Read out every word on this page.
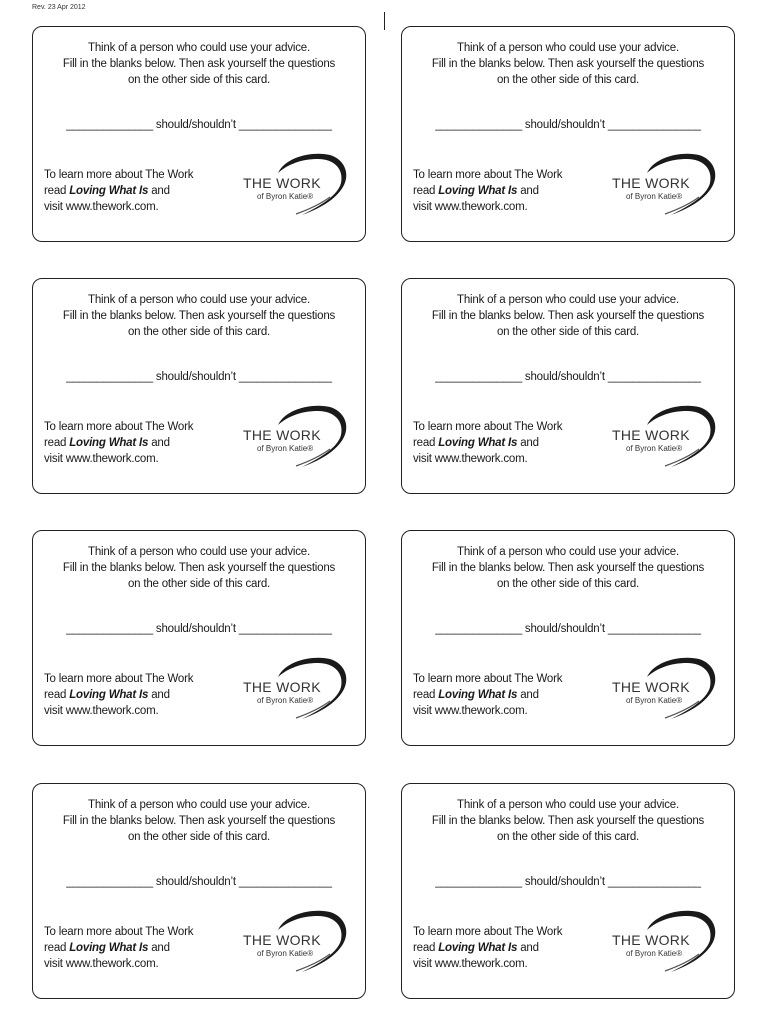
Rev. 23 Apr 2012
Think of a person who could use your advice.
Fill in the blanks below. Then ask yourself the questions
on the other side of this card.
______________ should/shouldn’t _______________
To learn more about The Work
read Loving What Is and
visit www.thework.com.
THE WORK
of Byron Katie®
Think of a person who could use your advice.
Fill in the blanks below. Then ask yourself the questions
on the other side of this card.
______________ should/shouldn’t _______________
To learn more about The Work
read Loving What Is and
visit www.thework.com.
THE WORK
of Byron Katie®
Think of a person who could use your advice.
Fill in the blanks below. Then ask yourself the questions
on the other side of this card.
______________ should/shouldn’t _______________
To learn more about The Work
read Loving What Is and
visit www.thework.com.
THE WORK
of Byron Katie®
Think of a person who could use your advice.
Fill in the blanks below. Then ask yourself the questions
on the other side of this card.
______________ should/shouldn’t _______________
To learn more about The Work
read Loving What Is and
visit www.thework.com.
THE WORK
of Byron Katie®
Think of a person who could use your advice.
Fill in the blanks below. Then ask yourself the questions
on the other side of this card.
______________ should/shouldn’t _______________
To learn more about The Work
read Loving What Is and
visit www.thework.com.
THE WORK
of Byron Katie®
Think of a person who could use your advice.
Fill in the blanks below. Then ask yourself the questions
on the other side of this card.
______________ should/shouldn’t _______________
To learn more about The Work
read Loving What Is and
visit www.thework.com.
THE WORK
of Byron Katie®
Think of a person who could use your advice.
Fill in the blanks below. Then ask yourself the questions
on the other side of this card.
______________ should/shouldn’t _______________
To learn more about The Work
read Loving What Is and
visit www.thework.com.
THE WORK
of Byron Katie®
Think of a person who could use your advice.
Fill in the blanks below. Then ask yourself the questions
on the other side of this card.
______________ should/shouldn’t _______________
To learn more about The Work
read Loving What Is and
visit www.thework.com.
THE WORK
of Byron Katie®
